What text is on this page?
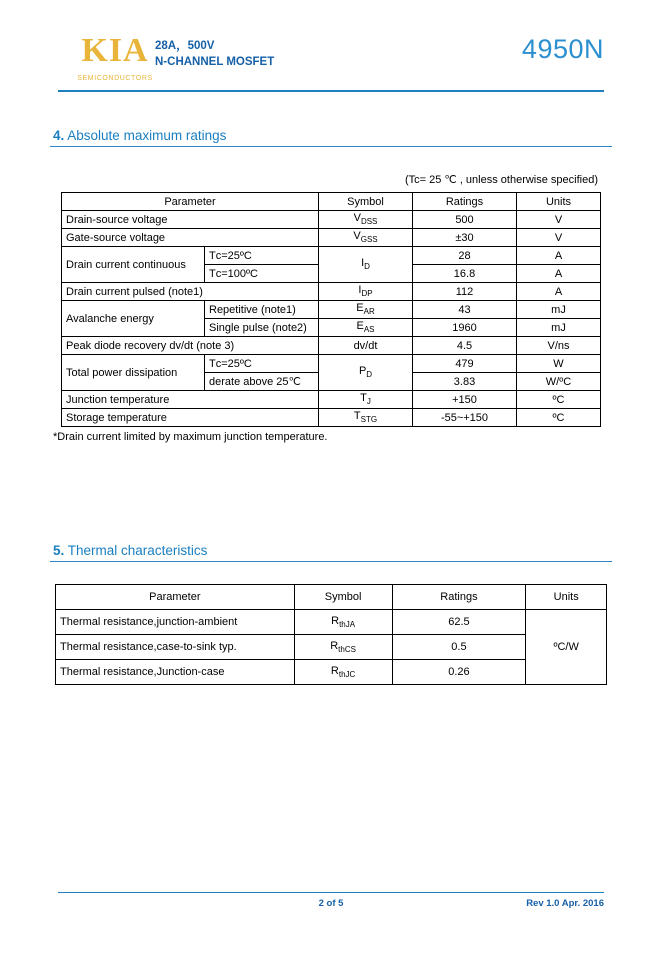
KIA
SEMICONDUCTORS
28A，500V
N-CHANNEL MOSFET	4950N
4. Absolute maximum ratings
(Tc= 25 ℃ , unless otherwise specified)
Parameter		Symbol	Ratings	Units
Drain-source voltage		$V_{DSS}$	500	V
Gate-source voltage		$V_{GSS}$	±30	V
Drain current continuous	Tᴄ=25ºC	$I_D$	28	A
	Tᴄ=100ºC		16.8	A
Drain current pulsed (note1)		$I_{DP}$	112	A
Avalanche energy	Repetitive (note1)	$E_{AR}$	43	mJ
	Single pulse (note2)	$E_{AS}$	1960	mJ
Peak diode recovery dv/dt (note 3)		dv/dt	4.5	V/ns
Total power dissipation	Tᴄ=25ºC	$P_D$	479	W
	derate above 25℃		3.83	W/ºC
Junction temperature		$T_J$	+150	ºC
Storage temperature		$T_{STG}$	-55~+150	ºC
*Drain current limited by maximum junction temperature.
5. Thermal characteristics
Parameter	Symbol	Ratings	Units
Thermal resistance,junction-ambient	$R_{thJA}$	62.5	ºC/W
Thermal resistance,case-to-sink typ.	$R_{thCS}$	0.5	
Thermal resistance,Junction-case	$R_{thJC}$	0.26	
2 of 5	Rev 1.0 Apr. 2016
